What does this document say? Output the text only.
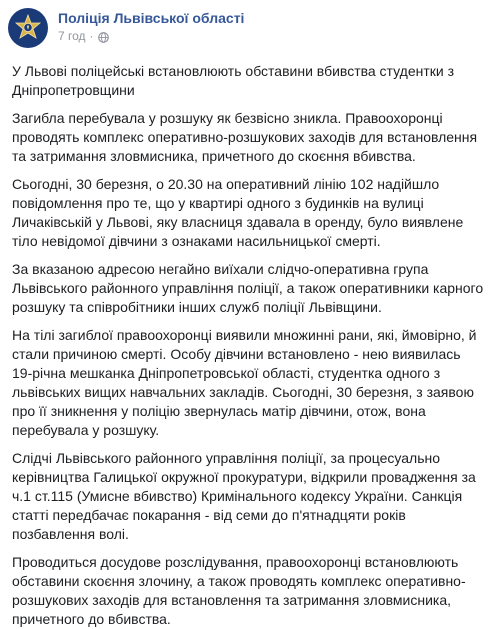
Поліція Львівської області
7 год ·

У Львові поліцейські встановлюють обставини вбивства студентки з Дніпропетровщини

Загибла перебувала у розшуку як безвісно зникла. Правоохоронці проводять комплекс оперативно-розшукових заходів для встановлення та затримання зловмисника, причетного до скоєння вбивства.

Сьогодні, 30 березня, о 20.30 на оперативний лінію 102 надійшло повідомлення про те, що у квартирі одного з будинків на вулиці Личаківській у Львові, яку власниця здавала в оренду, було виявлене тіло невідомої дівчини з ознаками насильницької смерті.

За вказаною адресою негайно виїхали слідчо-оперативна група Львівського районного управління поліції, а також оперативники карного розшуку та співробітники інших служб поліції Львівщини.

На тілі загиблої правоохоронці виявили множинні рани, які, ймовірно, й стали причиною смерті. Особу дівчини встановлено - нею виявилась 19-річна мешканка Дніпропетровської області, студентка одного з львівських вищих навчальних закладів. Сьогодні, 30 березня, з заявою про її зникнення у поліцію звернулась матір дівчини, отож, вона перебувала у розшуку.

Слідчі Львівського районного управління поліції, за процесуально керівництва Галицької окружної прокуратури, відкрили провадження за ч.1 ст.115 (Умисне вбивство) Кримінального кодексу України. Санкція статті передбачає покарання - від семи до п'ятнадцяти років позбавлення волі.

Проводиться досудове розслідування, правоохоронці встановлюють обставини скоєння злочину, а також проводять комплекс оперативно-розшукових заходів для встановлення та затримання зловмисника, причетного до вбивства.
